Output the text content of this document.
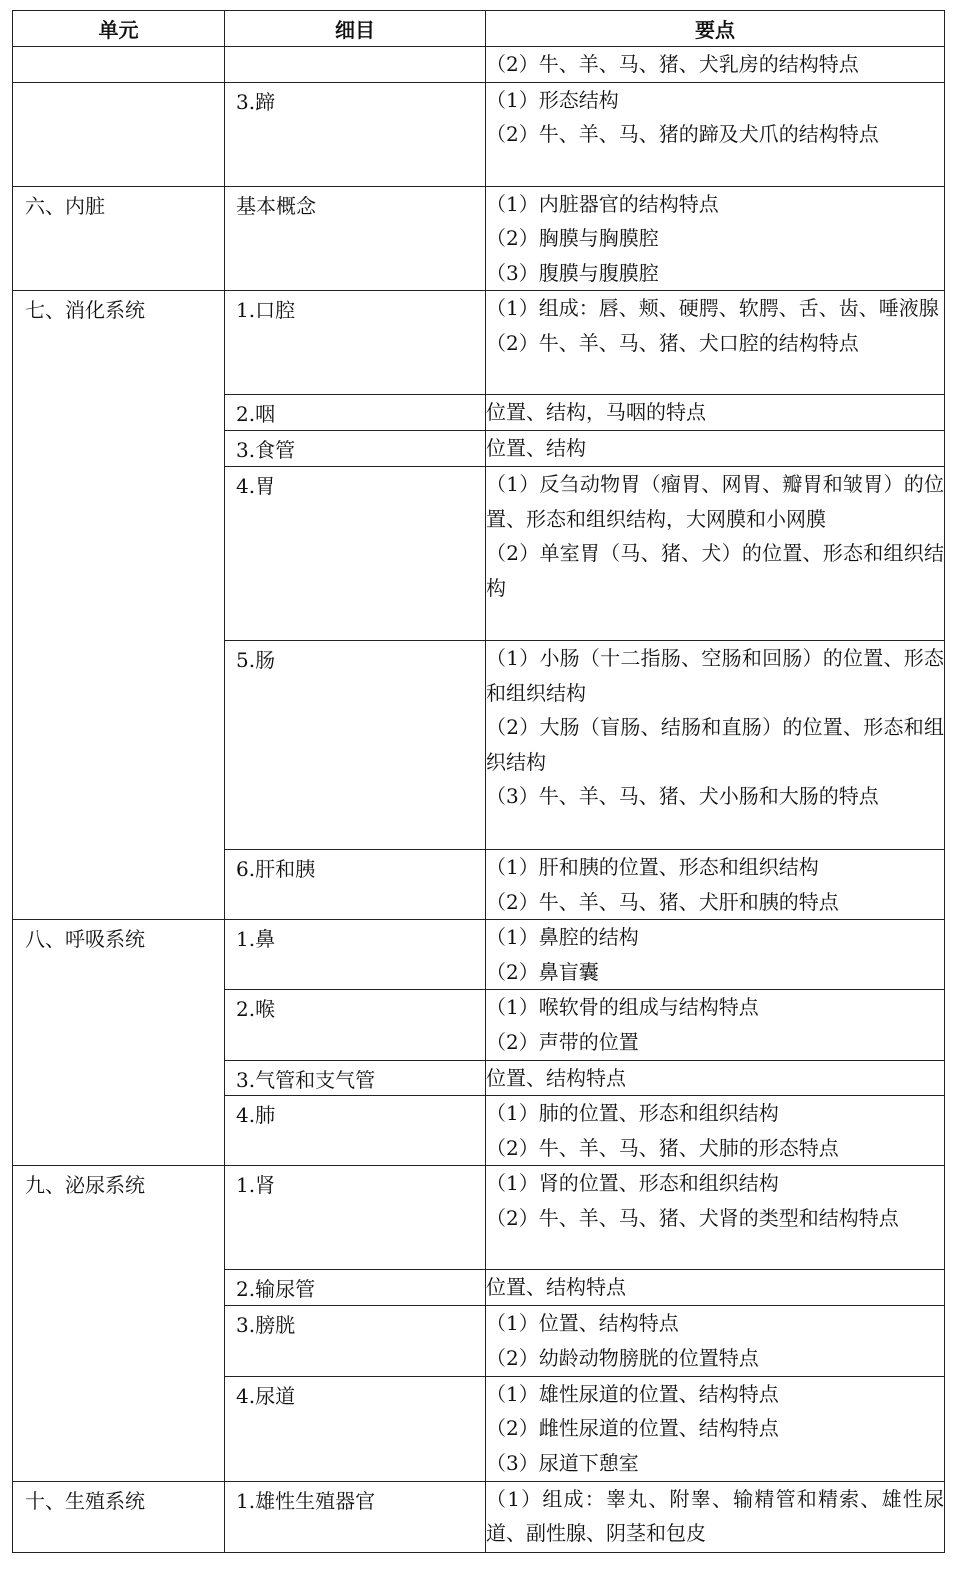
单元	细目	要点

		（2）牛、羊、马、猪、犬乳房的结构特点

	3.蹄	（1）形态结构
（2）牛、羊、马、猪的蹄及犬爪的结构特点

六、内脏	基本概念	（1）内脏器官的结构特点
（2）胸膜与胸膜腔
（3）腹膜与腹膜腔

七、消化系统	1.口腔	（1）组成：唇、颊、硬腭、软腭、舌、齿、唾液腺
（2）牛、羊、马、猪、犬口腔的结构特点

	2.咽	位置、结构，马咽的特点

	3.食管	位置、结构

	4.胃	（1）反刍动物胃（瘤胃、网胃、瓣胃和皱胃）的位置、形态和组织结构，大网膜和小网膜
（2）单室胃（马、猪、犬）的位置、形态和组织结构

	5.肠	（1）小肠（十二指肠、空肠和回肠）的位置、形态和组织结构
（2）大肠（盲肠、结肠和直肠）的位置、形态和组织结构
（3）牛、羊、马、猪、犬小肠和大肠的特点

	6.肝和胰	（1）肝和胰的位置、形态和组织结构
（2）牛、羊、马、猪、犬肝和胰的特点

八、呼吸系统	1.鼻	（1）鼻腔的结构
（2）鼻盲囊

	2.喉	（1）喉软骨的组成与结构特点
（2）声带的位置

	3.气管和支气管	位置、结构特点

	4.肺	（1）肺的位置、形态和组织结构
（2）牛、羊、马、猪、犬肺的形态特点

九、泌尿系统	1.肾	（1）肾的位置、形态和组织结构
（2）牛、羊、马、猪、犬肾的类型和结构特点

	2.输尿管	位置、结构特点

	3.膀胱	（1）位置、结构特点
（2）幼龄动物膀胱的位置特点

	4.尿道	（1）雄性尿道的位置、结构特点
（2）雌性尿道的位置、结构特点
（3）尿道下憩室

十、生殖系统	1.雄性生殖器官	（1）组成：睾丸、附睾、输精管和精索、雄性尿道、副性腺、阴茎和包皮
